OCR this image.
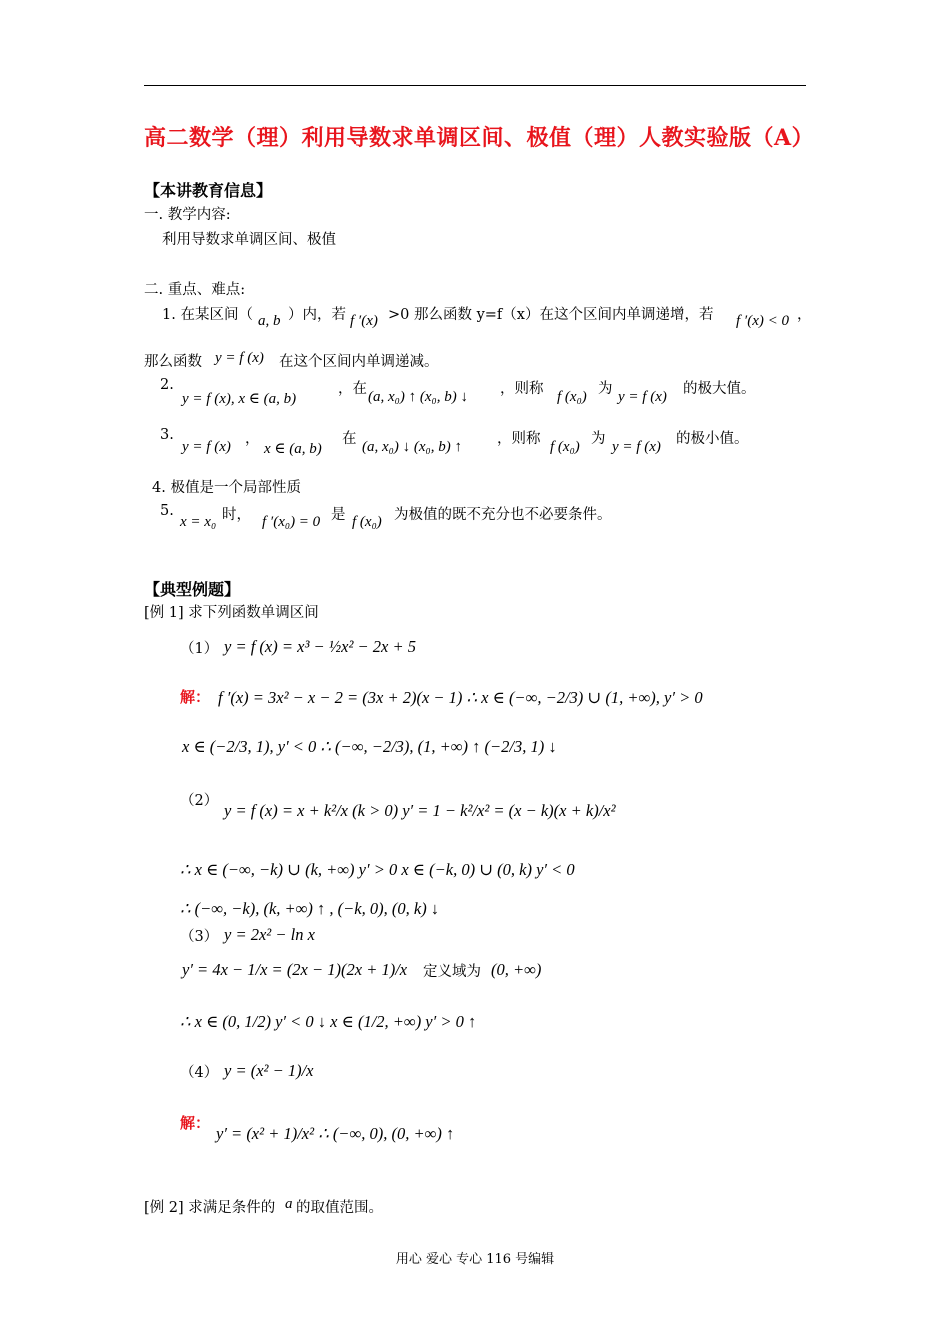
高二数学（理）利用导数求单调区间、极值（理）人教实验版（A）
【本讲教育信息】
一. 教学内容:
利用导数求单调区间、极值
二. 重点、难点:
1. 在某区间（ a, b ）内，若 f ′(x) >0 那么函数 y=f（x）在这个区间内单调递增，若 f ′(x) < 0 ，
那么函数 y = f (x) 在这个区间内单调递减。
2.
y = f (x), x ∈ (a, b)
，在 (a, x₀) ↑ (x₀, b) ↓ ，则称 f (x₀) 为 y = f (x) 的极大值。
3.
y = f (x) ，
x ∈ (a, b)
在 (a, x₀) ↓ (x₀, b) ↑ ，则称 f (x₀) 为 y = f (x) 的极小值。
4. 极值是一个局部性质
5.
x = x₀ 时， f ′(x₀) = 0 是 f (x₀) 为极值的既不充分也不必要条件。
【典型例题】
[例 1] 求下列函数单调区间
（1） y = f (x) = x³ − ½x² − 2x + 5
解： f ′(x) = 3x² − x − 2 = (3x + 2)(x − 1) ∴ x ∈ (−∞, −2/3) ∪ (1, +∞), y′ > 0
x ∈ (−2/3, 1), y′ < 0 ∴ (−∞, −2/3), (1, +∞) ↑ (−2/3, 1) ↓
（2） y = f (x) = x + k²/x (k > 0) y′ = 1 − k²/x² = (x − k)(x + k)/x²
∴ x ∈ (−∞, −k) ∪ (k, +∞) y′ > 0 x ∈ (−k, 0) ∪ (0, k) y′ < 0
∴ (−∞, −k), (k, +∞) ↑ , (−k, 0), (0, k) ↓
（3） y = 2x² − ln x
y′ = 4x − 1/x = (2x − 1)(2x + 1)/x 定义域为 (0, +∞)
∴ x ∈ (0, 1/2) y′ < 0 ↓ x ∈ (1/2, +∞) y′ > 0 ↑
（4） y = (x² − 1)/x
解：
y′ = (x² + 1)/x² ∴ (−∞, 0), (0, +∞) ↑
[例 2] 求满足条件的 a 的取值范围。
用心 爱心 专心 116 号编辑
